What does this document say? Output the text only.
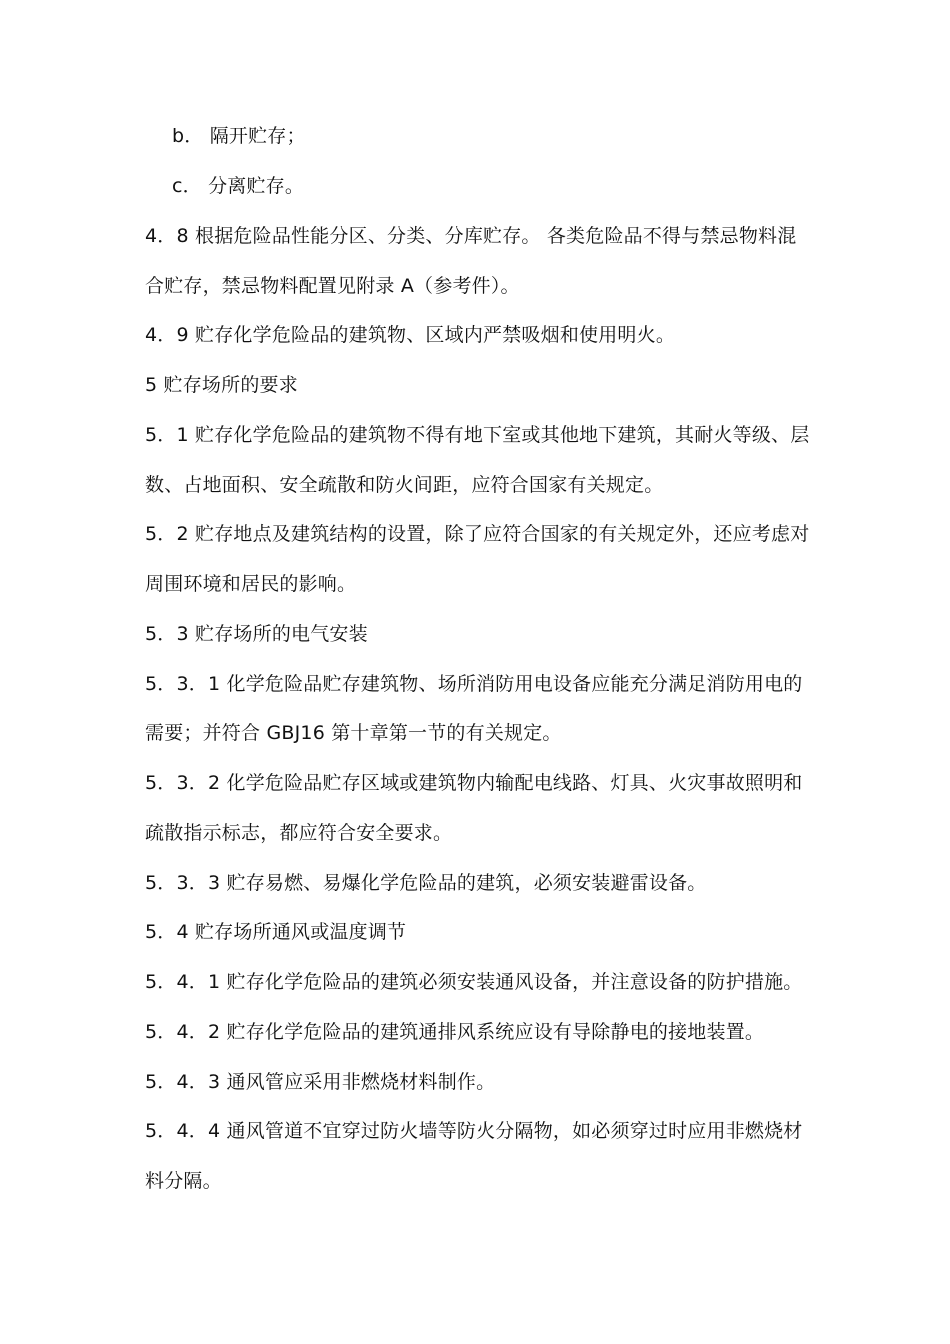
b． 隔开贮存；
c． 分离贮存。
4．8 根据危险品性能分区、分类、分库贮存。 各类危险品不得与禁忌物料混
合贮存，禁忌物料配置见附录 A（参考件）。
4．9 贮存化学危险品的建筑物、区域内严禁吸烟和使用明火。
5 贮存场所的要求
5．1 贮存化学危险品的建筑物不得有地下室或其他地下建筑，其耐火等级、层
数、占地面积、安全疏散和防火间距，应符合国家有关规定。
5．2 贮存地点及建筑结构的设置，除了应符合国家的有关规定外，还应考虑对
周围环境和居民的影响。
5．3 贮存场所的电气安装
5．3．1 化学危险品贮存建筑物、场所消防用电设备应能充分满足消防用电的
需要；并符合 GBJ16 第十章第一节的有关规定。
5．3．2 化学危险品贮存区域或建筑物内输配电线路、灯具、火灾事故照明和
疏散指示标志，都应符合安全要求。
5．3．3 贮存易燃、易爆化学危险品的建筑，必须安装避雷设备。
5．4 贮存场所通风或温度调节
5．4．1 贮存化学危险品的建筑必须安装通风设备，并注意设备的防护措施。
5．4．2 贮存化学危险品的建筑通排风系统应设有导除静电的接地装置。
5．4．3 通风管应采用非燃烧材料制作。
5．4．4 通风管道不宜穿过防火墙等防火分隔物，如必须穿过时应用非燃烧材
料分隔。
